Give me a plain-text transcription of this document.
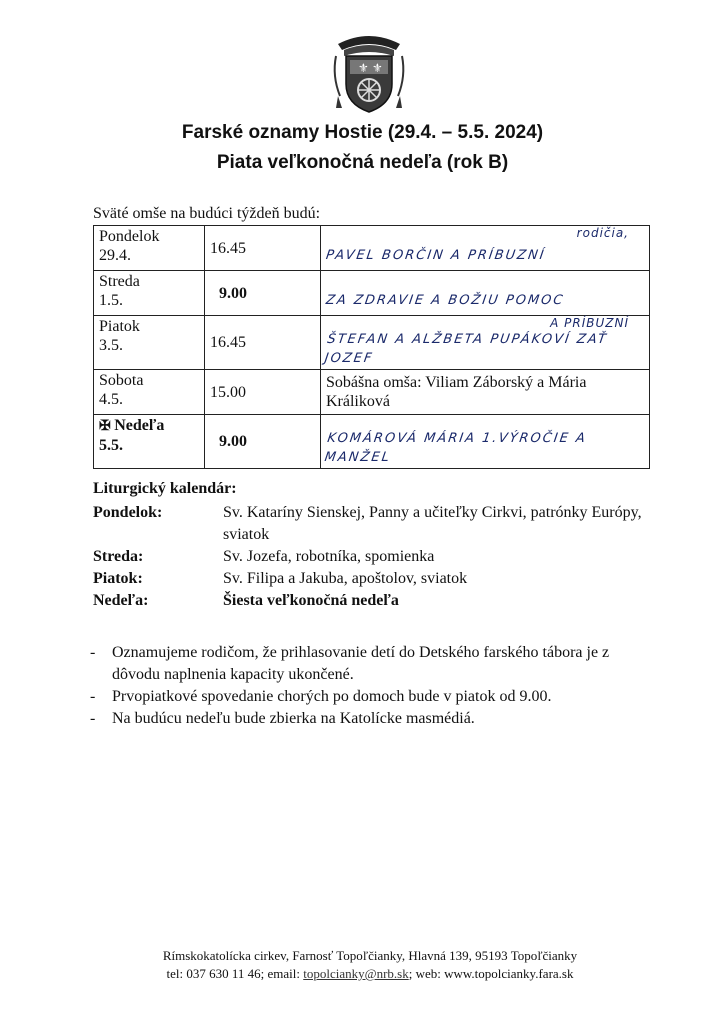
⚜ ⚜
Farské oznamy Hostie (29.4. – 5.5. 2024)
Piata veľkonočná nedeľa (rok B)
Sväté omše na budúci týždeň budú:
Pondelok
29.4.	16.45	rodičia,
PAVEL BORČIN A PRÍBUZNÍ
Streda
1.5.	9.00	ZA ZDRAVIE A BOŽIU POMOC
Piatok
3.5.	16.45	A PRÍBUZNÍ
ŠTEFAN A ALŽBETA PUPÁKOVÍ ZAŤ JOZEF
Sobota
4.5.	15.00	Sobášna omša: Viliam Záborský a Mária Králiková
✠ Nedeľa
5.5.	9.00	KOMÁROVÁ MÁRIA 1.VÝROČIE A MANŽEL
Liturgický kalendár:
Pondelok:	Sv. Kataríny Sienskej, Panny a učiteľky Cirkvi, patrónky Európy, sviatok
Streda:	Sv. Jozefa, robotníka, spomienka
Piatok:	Sv. Filipa a Jakuba, apoštolov, sviatok
Nedeľa:	Šiesta veľkonočná nedeľa
-	Oznamujeme rodičom, že prihlasovanie detí do Detského farského tábora je z dôvodu naplnenia kapacity ukončené.
-	Prvopiatkové spovedanie chorých po domoch bude v piatok od 9.00.
-	Na budúcu nedeľu bude zbierka na Katolícke masmédiá.
Rímskokatolícka cirkev, Farnosť Topoľčianky, Hlavná 139, 95193 Topoľčianky
tel: 037 630 11 46; email: topolcianky@nrb.sk; web: www.topolcianky.fara.sk
